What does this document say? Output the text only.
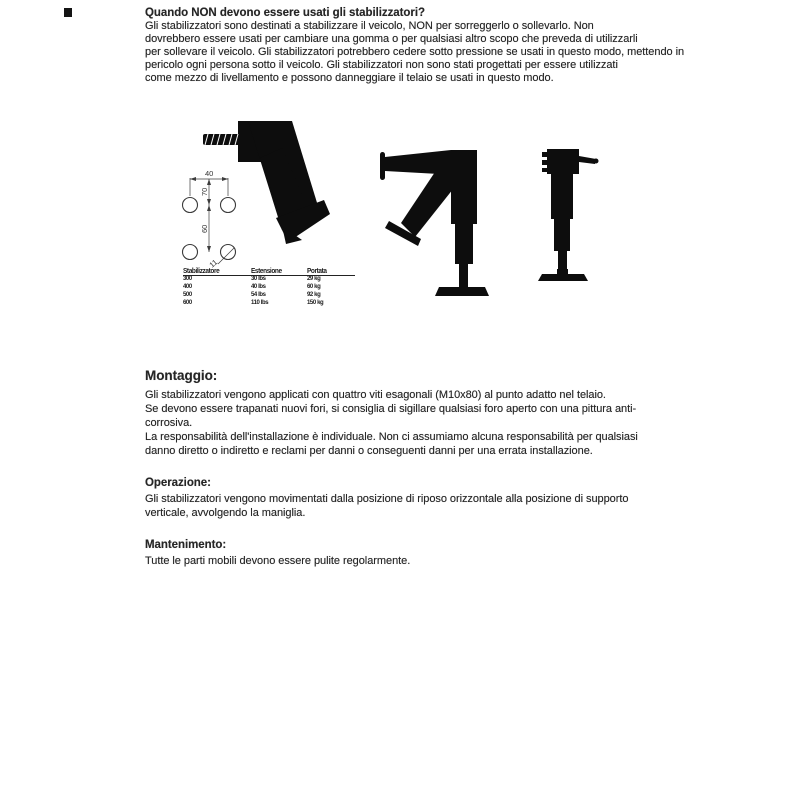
Quando NON devono essere usati gli stabilizzatori?
Gli stabilizzatori sono destinati a stabilizzare il veicolo, NON per sorreggerlo o sollevarlo. Non
dovrebbero essere usati per cambiare una gomma o per qualsiasi altro scopo che preveda di utilizzarli
per sollevare il veicolo. Gli stabilizzatori potrebbero cedere sotto pressione se usati in questo modo, mettendo in
pericolo ogni persona sotto il veicolo. Gli stabilizzatori non sono stati progettati per essere utilizzati
come mezzo di livellamento e possono danneggiare il telaio se usati in questo modo.
40
70
60
11
Stabilizzatore	Estensione	Portata
300	30 lbs	29 kg
400	40 lbs	60 kg
500	54 lbs	92 kg
600	110 lbs	150 kg
Montaggio:
Gli stabilizzatori vengono applicati con quattro viti esagonali (M10x80) al punto adatto nel telaio.
Se devono essere trapanati nuovi fori, si consiglia di sigillare qualsiasi foro aperto con una pittura anti-
corrosiva.
La responsabilità dell'installazione è individuale. Non ci assumiamo alcuna responsabilità per qualsiasi
danno diretto o indiretto e reclami per danni o conseguenti danni per una errata installazione.
Operazione:
Gli stabilizzatori vengono movimentati dalla posizione di riposo orizzontale alla posizione di supporto
verticale, avvolgendo la maniglia.
Mantenimento:
Tutte le parti mobili devono essere pulite regolarmente.
